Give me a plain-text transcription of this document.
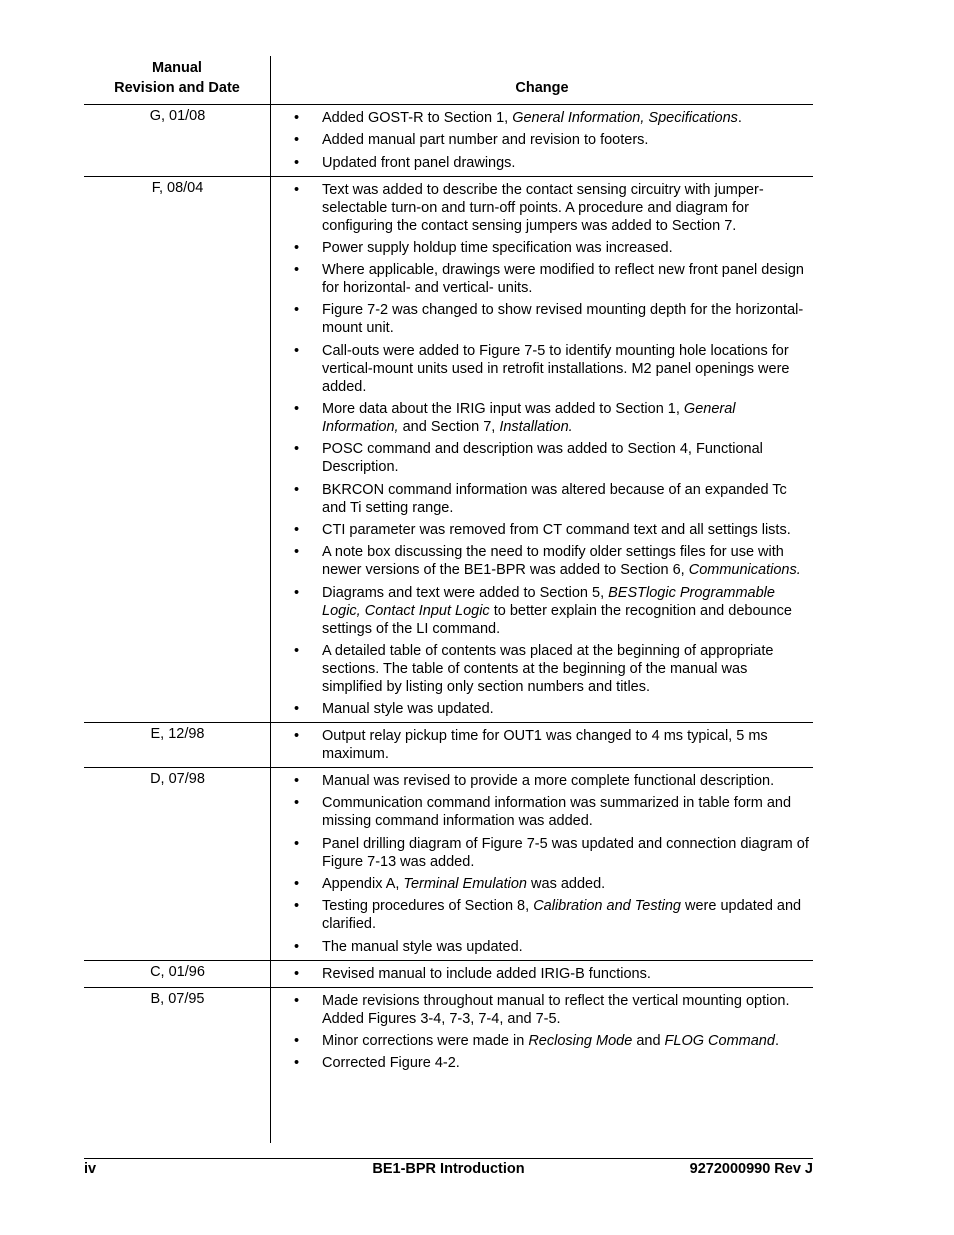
Manual
Revision and Date	Change
G, 01/08	• Added GOST-R to Section 1, General Information, Specifications.
• Added manual part number and revision to footers.
• Updated front panel drawings.
F, 08/04	• Text was added to describe the contact sensing circuitry with jumper-selectable turn-on and turn-off points. A procedure and diagram for configuring the contact sensing jumpers was added to Section 7.
• Power supply holdup time specification was increased.
• Where applicable, drawings were modified to reflect new front panel design for horizontal- and vertical- units.
• Figure 7-2 was changed to show revised mounting depth for the horizontal-mount unit.
• Call-outs were added to Figure 7-5 to identify mounting hole locations for vertical-mount units used in retrofit installations. M2 panel openings were added.
• More data about the IRIG input was added to Section 1, General Information, and Section 7, Installation.
• POSC command and description was added to Section 4, Functional Description.
• BKRCON command information was altered because of an expanded Tc and Ti setting range.
• CTI parameter was removed from CT command text and all settings lists.
• A note box discussing the need to modify older settings files for use with newer versions of the BE1-BPR was added to Section 6, Communications.
• Diagrams and text were added to Section 5, BESTlogic Programmable Logic, Contact Input Logic to better explain the recognition and debounce settings of the LI command.
• A detailed table of contents was placed at the beginning of appropriate sections. The table of contents at the beginning of the manual was simplified by listing only section numbers and titles.
• Manual style was updated.
E, 12/98	• Output relay pickup time for OUT1 was changed to 4 ms typical, 5 ms maximum.
D, 07/98	• Manual was revised to provide a more complete functional description.
• Communication command information was summarized in table form and missing command information was added.
• Panel drilling diagram of Figure 7-5 was updated and connection diagram of Figure 7-13 was added.
• Appendix A, Terminal Emulation was added.
• Testing procedures of Section 8, Calibration and Testing were updated and clarified.
• The manual style was updated.
C, 01/96	• Revised manual to include added IRIG-B functions.
B, 07/95	• Made revisions throughout manual to reflect the vertical mounting option. Added Figures 3-4, 7-3, 7-4, and 7-5.
• Minor corrections were made in Reclosing Mode and FLOG Command.
• Corrected Figure 4-2.
iv	BE1-BPR Introduction	9272000990 Rev J
